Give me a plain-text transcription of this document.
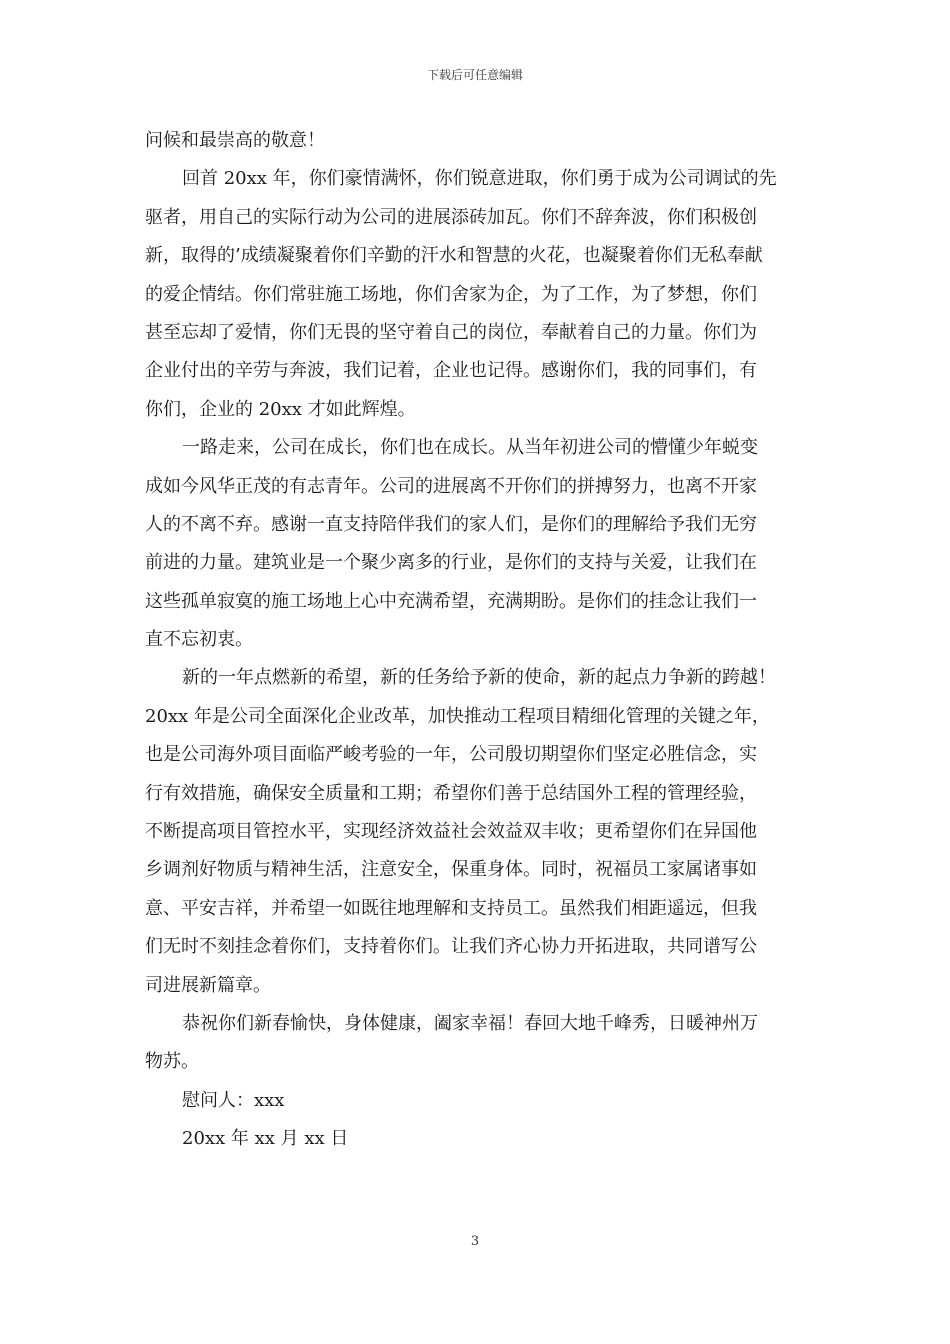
下载后可任意编辑
问候和最崇高的敬意！
回首 20xx 年，你们豪情满怀，你们锐意进取，你们勇于成为公司调试的先
驱者，用自己的实际行动为公司的进展添砖加瓦。你们不辞奔波，你们积极创
新，取得的’成绩凝聚着你们辛勤的汗水和智慧的火花，也凝聚着你们无私奉献
的爱企情结。你们常驻施工场地，你们舍家为企，为了工作，为了梦想，你们
甚至忘却了爱情，你们无畏的坚守着自己的岗位，奉献着自己的力量。你们为
企业付出的辛劳与奔波，我们记着，企业也记得。感谢你们，我的同事们，有
你们，企业的 20xx 才如此辉煌。
一路走来，公司在成长，你们也在成长。从当年初进公司的懵懂少年蜕变
成如今风华正茂的有志青年。公司的进展离不开你们的拼搏努力，也离不开家
人的不离不弃。感谢一直支持陪伴我们的家人们，是你们的理解给予我们无穷
前进的力量。建筑业是一个聚少离多的行业，是你们的支持与关爱，让我们在
这些孤单寂寞的施工场地上心中充满希望，充满期盼。是你们的挂念让我们一
直不忘初衷。
新的一年点燃新的希望，新的任务给予新的使命，新的起点力争新的跨越！
20xx 年是公司全面深化企业改革，加快推动工程项目精细化管理的关键之年，
也是公司海外项目面临严峻考验的一年，公司殷切期望你们坚定必胜信念，实
行有效措施，确保安全质量和工期；希望你们善于总结国外工程的管理经验，
不断提高项目管控水平，实现经济效益社会效益双丰收；更希望你们在异国他
乡调剂好物质与精神生活，注意安全，保重身体。同时，祝福员工家属诸事如
意、平安吉祥，并希望一如既往地理解和支持员工。虽然我们相距遥远，但我
们无时不刻挂念着你们，支持着你们。让我们齐心协力开拓进取，共同谱写公
司进展新篇章。
恭祝你们新春愉快，身体健康，阖家幸福！春回大地千峰秀，日暖神州万
物苏。
慰问人：xxx
20xx 年 xx 月 xx 日
3
